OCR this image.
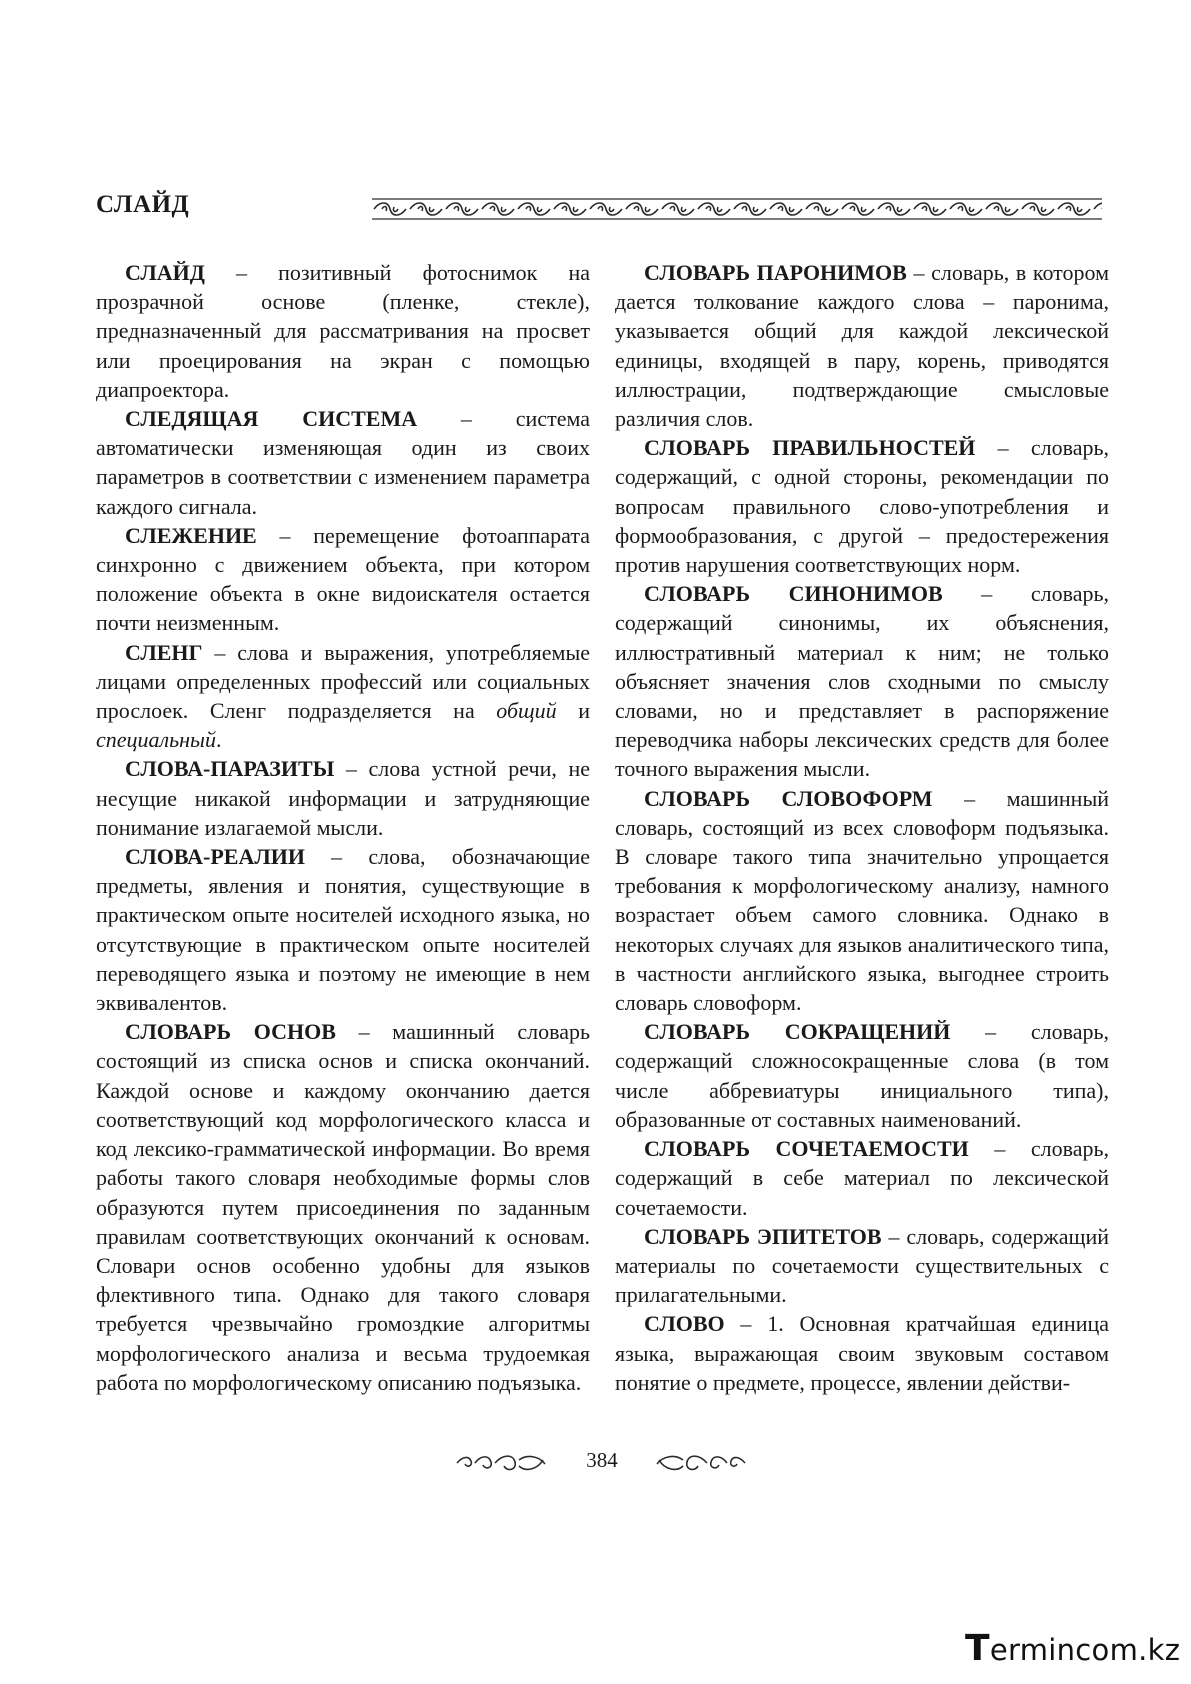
СЛАЙД

СЛАЙД – позитивный фотоснимок на прозрачной основе (пленке, стекле), предназначенный для рассматривания на просвет или проецирования на экран с помощью диапроектора.

СЛЕДЯЩАЯ СИСТЕМА – система автоматически изменяющая один из своих параметров в соответствии с изменением параметра каждого сигнала.

СЛЕЖЕНИЕ – перемещение фотоаппарата синхронно с движением объекта, при котором положение объекта в окне видоискателя остается почти неизменным.

СЛЕНГ – слова и выражения, употребляемые лицами определенных профессий или социальных прослоек. Сленг подразделяется на общий и специальный.

СЛОВА-ПАРАЗИТЫ – слова устной речи, не несущие никакой информации и затрудняющие понимание излагаемой мысли.

СЛОВА-РЕАЛИИ – слова, обозначающие предметы, явления и понятия, существующие в практическом опыте носителей исходного языка, но отсутствующие в практическом опыте носителей переводящего языка и поэтому не имеющие в нем эквивалентов.

СЛОВАРЬ ОСНОВ – машинный словарь состоящий из списка основ и списка окончаний. Каждой основе и каждому окончанию дается соответствующий код морфологического класса и код лексико-грамматической информации. Во время работы такого словаря необходимые формы слов образуются путем присоединения по заданным правилам соответствующих окончаний к основам. Словари основ особенно удобны для языков флективного типа. Однако для такого словаря требуется чрезвычайно громоздкие алгоритмы морфологического анализа и весьма трудоемкая работа по морфологическому описанию подъязыка.

СЛОВАРЬ ПАРОНИМОВ – словарь, в котором дается толкование каждого слова – паронима, указывается общий для каждой лексической единицы, входящей в пару, корень, приводятся иллюстрации, подтверждающие смысловые различия слов.

СЛОВАРЬ ПРАВИЛЬНОСТЕЙ – словарь, содержащий, с одной стороны, рекомендации по вопросам правильного слово-употребления и формообразования, с другой – предостережения против нарушения соответствующих норм.

СЛОВАРЬ СИНОНИМОВ – словарь, содержащий синонимы, их объяснения, иллюстративный материал к ним; не только объясняет значения слов сходными по смыслу словами, но и представляет в распоряжение переводчика наборы лексических средств для более точного выражения мысли.

СЛОВАРЬ СЛОВОФОРМ – машинный словарь, состоящий из всех словоформ подъязыка. В словаре такого типа значительно упрощается требования к морфологическому анализу, намного возрастает объем самого словника. Однако в некоторых случаях для языков аналитического типа, в частности английского языка, выгоднее строить словарь словоформ.

СЛОВАРЬ СОКРАЩЕНИЙ – словарь, содержащий сложносокращенные слова (в том числе аббревиатуры инициального типа), образованные от составных наименований.

СЛОВАРЬ СОЧЕТАЕМОСТИ – словарь, содержащий в себе материал по лексической сочетаемости.

СЛОВАРЬ ЭПИТЕТОВ – словарь, содержащий материалы по сочетаемости существительных с прилагательными.

СЛОВО – 1. Основная кратчайшая единица языка, выражающая своим звуковым составом понятие о предмете, процессе, явлении действи-

384
Termincom.kz
